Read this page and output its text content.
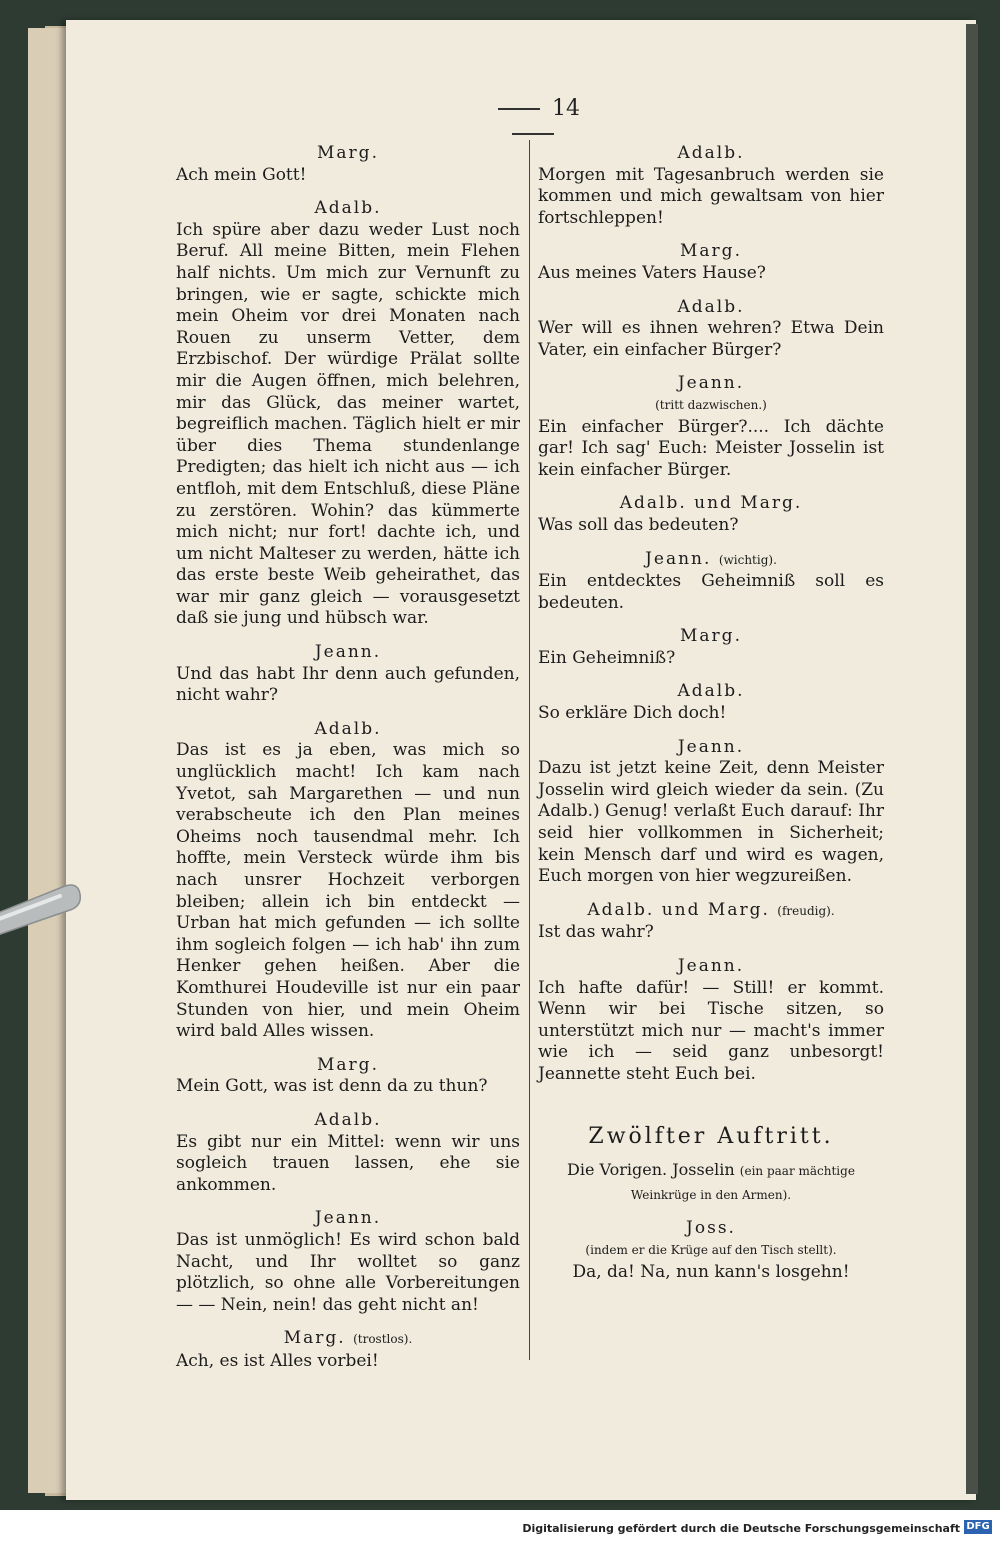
14

Marg.

Ach mein Gott!

Adalb.

Ich spüre aber dazu weder Lust noch Beruf. All meine Bitten, mein Flehen half nichts. Um mich zur Vernunft zu bringen, wie er sagte, schickte mich mein Oheim vor drei Monaten nach Rouen zu unserm Vetter, dem Erzbischof. Der würdige Prälat sollte mir die Augen öffnen, mich belehren, mir das Glück, das meiner wartet, begreiflich machen. Täglich hielt er mir über dies Thema stundenlange Predigten; das hielt ich nicht aus — ich entfloh, mit dem Entschluß, diese Pläne zu zerstören. Wohin? das kümmerte mich nicht; nur fort! dachte ich, und um nicht Malteser zu werden, hätte ich das erste beste Weib geheirathet, das war mir ganz gleich — vorausgesetzt daß sie jung und hübsch war.

Jeann.

Und das habt Ihr denn auch gefunden, nicht wahr?

Adalb.

Das ist es ja eben, was mich so unglücklich macht! Ich kam nach Yvetot, sah Margarethen — und nun verabscheute ich den Plan meines Oheims noch tausendmal mehr. Ich hoffte, mein Versteck würde ihm bis nach unsrer Hochzeit verborgen bleiben; allein ich bin entdeckt — Urban hat mich gefunden — ich sollte ihm sogleich folgen — ich hab' ihn zum Henker gehen heißen. Aber die Komthurei Houdeville ist nur ein paar Stunden von hier, und mein Oheim wird bald Alles wissen.

Marg.

Mein Gott, was ist denn da zu thun?

Adalb.

Es gibt nur ein Mittel: wenn wir uns sogleich trauen lassen, ehe sie ankommen.

Jeann.

Das ist unmöglich! Es wird schon bald Nacht, und Ihr wolltet so ganz plötzlich, so ohne alle Vorbereitungen — — Nein, nein! das geht nicht an!

Marg. (trostlos).

Ach, es ist Alles vorbei!

Adalb.

Morgen mit Tagesanbruch werden sie kommen und mich gewaltsam von hier fortschleppen!

Marg.

Aus meines Vaters Hause?

Adalb.

Wer will es ihnen wehren? Etwa Dein Vater, ein einfacher Bürger?

Jeann.

(tritt dazwischen.)

Ein einfacher Bürger?.... Ich dächte gar! Ich sag' Euch: Meister Josselin ist kein einfacher Bürger.

Adalb. und Marg.

Was soll das bedeuten?

Jeann. (wichtig).

Ein entdecktes Geheimniß soll es bedeuten.

Marg.

Ein Geheimniß?

Adalb.

So erkläre Dich doch!

Jeann.

Dazu ist jetzt keine Zeit, denn Meister Josselin wird gleich wieder da sein. (Zu Adalb.) Genug! verlaßt Euch darauf: Ihr seid hier vollkommen in Sicherheit; kein Mensch darf und wird es wagen, Euch morgen von hier wegzureißen.

Adalb. und Marg. (freudig).

Ist das wahr?

Jeann.

Ich hafte dafür! — Still! er kommt. Wenn wir bei Tische sitzen, so unterstützt mich nur — macht's immer wie ich — seid ganz unbesorgt! Jeannette steht Euch bei.

Zwölfter Auftritt.

Die Vorigen. Josselin (ein paar mächtige Weinkrüge in den Armen).

Joss.

(indem er die Krüge auf den Tisch stellt).

Da, da! Na, nun kann's losgehn!

Digitalisierung gefördert durch die Deutsche Forschungsgemeinschaft DFG
